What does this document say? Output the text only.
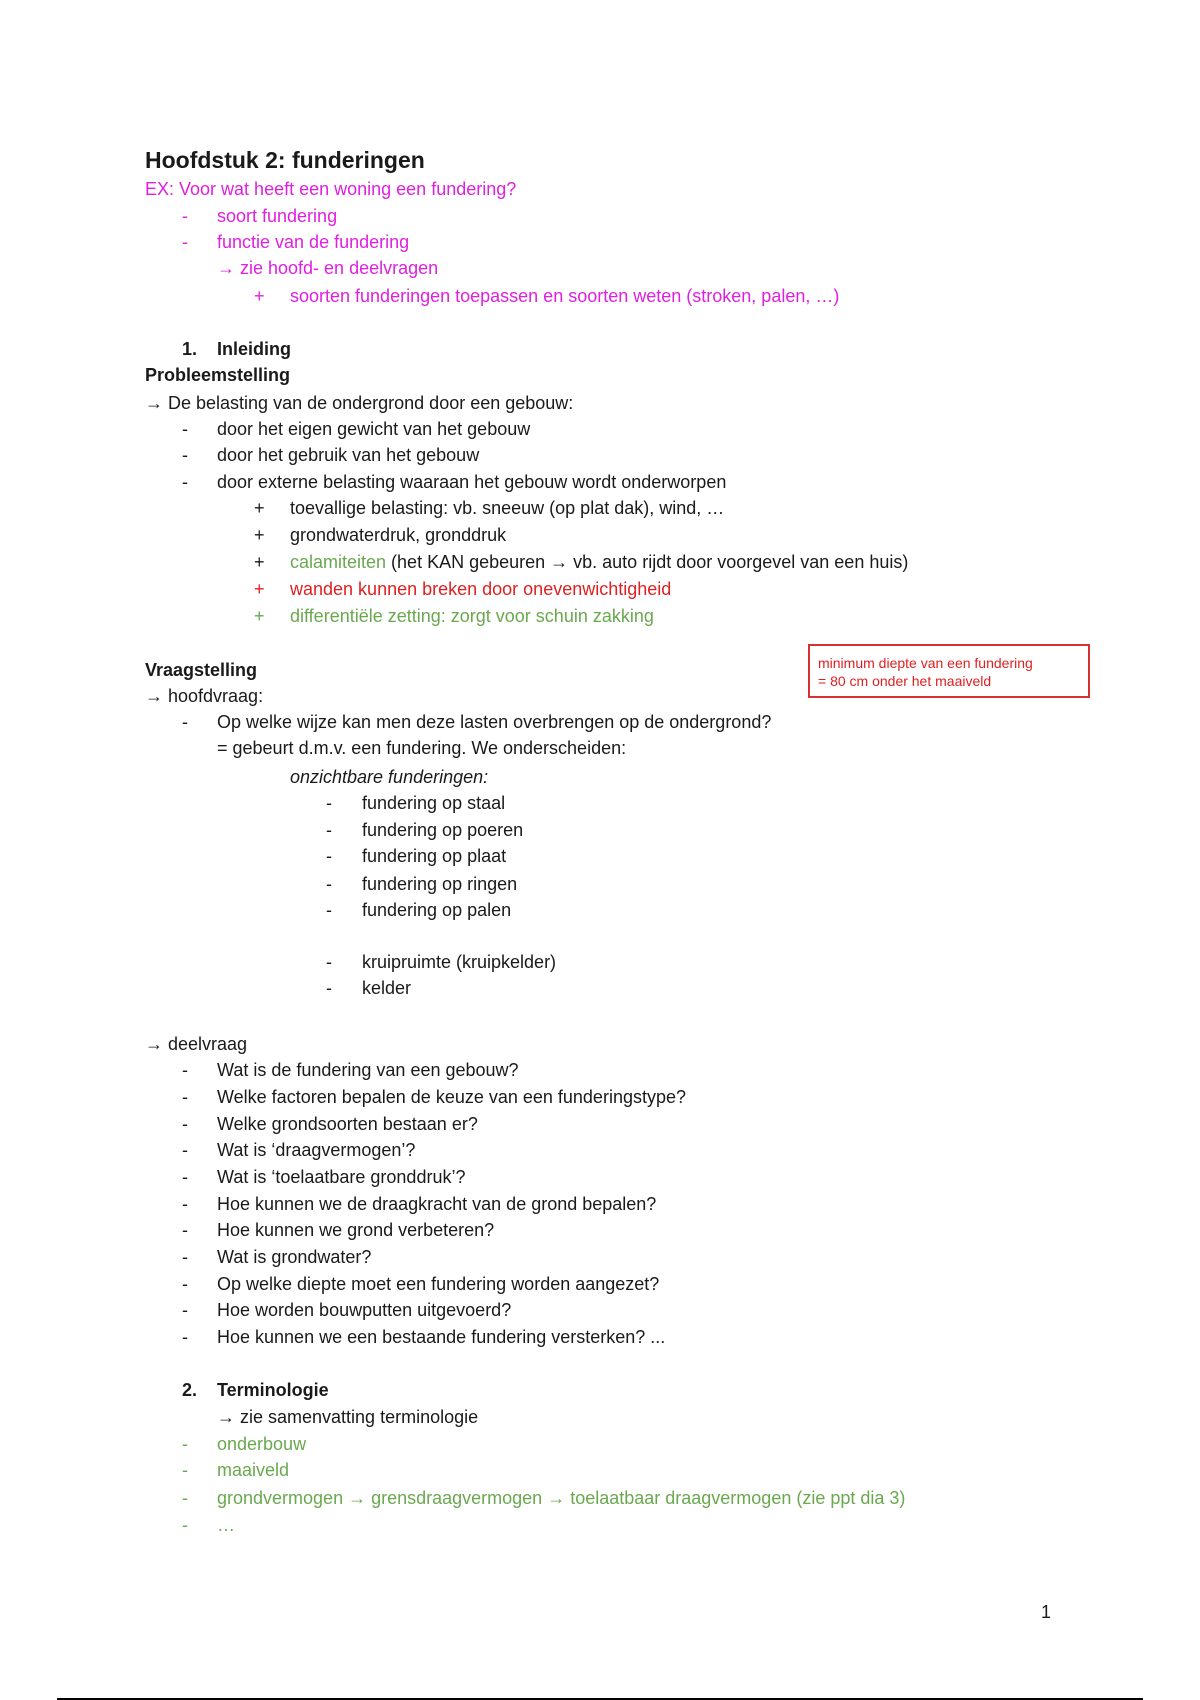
Hoofdstuk 2: funderingen
EX: Voor wat heeft een woning een fundering?
- soort fundering
- functie van de fundering
→ zie hoofd- en deelvragen
+ soorten funderingen toepassen en soorten weten (stroken, palen, …)
1. Inleiding
Probleemstelling
→ De belasting van de ondergrond door een gebouw:
- door het eigen gewicht van het gebouw
- door het gebruik van het gebouw
- door externe belasting waaraan het gebouw wordt onderworpen
+ toevallige belasting: vb. sneeuw (op plat dak), wind, …
+ grondwaterdruk, gronddruk
+ calamiteiten (het KAN gebeuren → vb. auto rijdt door voorgevel van een huis)
+ wanden kunnen breken door onevenwichtigheid
+ differentiële zetting: zorgt voor schuin zakking
Vraagstelling
→ hoofdvraag:
- Op welke wijze kan men deze lasten overbrengen op de ondergrond?
= gebeurt d.m.v. een fundering. We onderscheiden:
onzichtbare funderingen:
- fundering op staal
- fundering op poeren
- fundering op plaat
- fundering op ringen
- fundering op palen
- kruipruimte (kruipkelder)
- kelder
minimum diepte van een fundering
= 80 cm onder het maaiveld
→ deelvraag
- Wat is de fundering van een gebouw?
- Welke factoren bepalen de keuze van een funderingstype?
- Welke grondsoorten bestaan er?
- Wat is ‘draagvermogen’?
- Wat is ‘toelaatbare gronddruk’?
- Hoe kunnen we de draagkracht van de grond bepalen?
- Hoe kunnen we grond verbeteren?
- Wat is grondwater?
- Op welke diepte moet een fundering worden aangezet?
- Hoe worden bouwputten uitgevoerd?
- Hoe kunnen we een bestaande fundering versterken? ...
2. Terminologie
→ zie samenvatting terminologie
- onderbouw
- maaiveld
- grondvermogen → grensdraagvermogen → toelaatbaar draagvermogen (zie ppt dia 3)
- …
1
